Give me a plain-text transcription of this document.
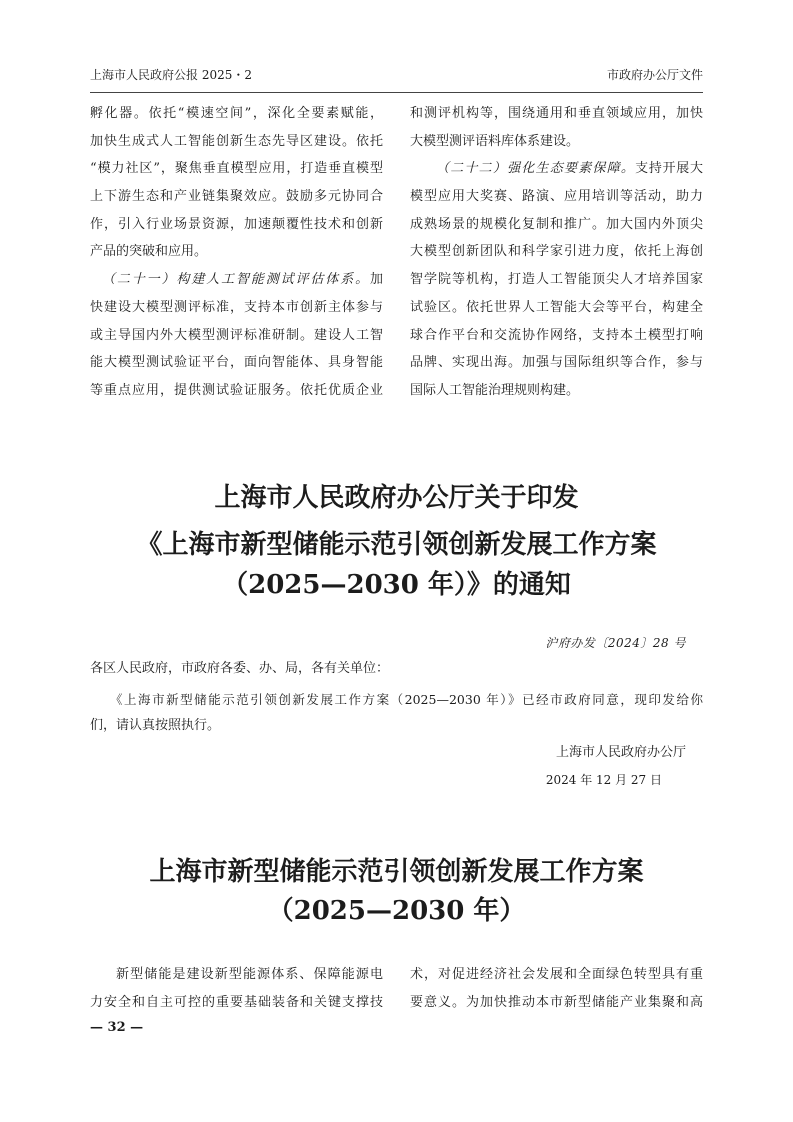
上海市人民政府公报 2025・2	市政府办公厅文件
孵化器。依托“模速空间”，深化全要素赋能，
加快生成式人工智能创新生态先导区建设。依托
“模力社区”，聚焦垂直模型应用，打造垂直模型
上下游生态和产业链集聚效应。鼓励多元协同合
作，引入行业场景资源，加速颠覆性技术和创新
产品的突破和应用。
（二十一）构建人工智能测试评估体系。加
快建设大模型测评标准，支持本市创新主体参与
或主导国内外大模型测评标准研制。建设人工智
能大模型测试验证平台，面向智能体、具身智能
等重点应用，提供测试验证服务。依托优质企业
和测评机构等，围绕通用和垂直领域应用，加快
大模型测评语料库体系建设。
（二十二）强化生态要素保障。支持开展大
模型应用大奖赛、路演、应用培训等活动，助力
成熟场景的规模化复制和推广。加大国内外顶尖
大模型创新团队和科学家引进力度，依托上海创
智学院等机构，打造人工智能顶尖人才培养国家
试验区。依托世界人工智能大会等平台，构建全
球合作平台和交流协作网络，支持本土模型打响
品牌、实现出海。加强与国际组织等合作，参与
国际人工智能治理规则构建。
上海市人民政府办公厅关于印发
《上海市新型储能示范引领创新发展工作方案
（2025—2030 年）》的通知
沪府办发〔2024〕28 号
各区人民政府，市政府各委、办、局，各有关单位：
《上海市新型储能示范引领创新发展工作方案（2025—2030 年）》已经市政府同意，现印发给你
们，请认真按照执行。
上海市人民政府办公厅
2024 年 12 月 27 日
上海市新型储能示范引领创新发展工作方案
（2025—2030 年）
新型储能是建设新型能源体系、保障能源电
力安全和自主可控的重要基础装备和关键支撑技
术，对促进经济社会发展和全面绿色转型具有重
要意义。为加快推动本市新型储能产业集聚和高
— 32 —
